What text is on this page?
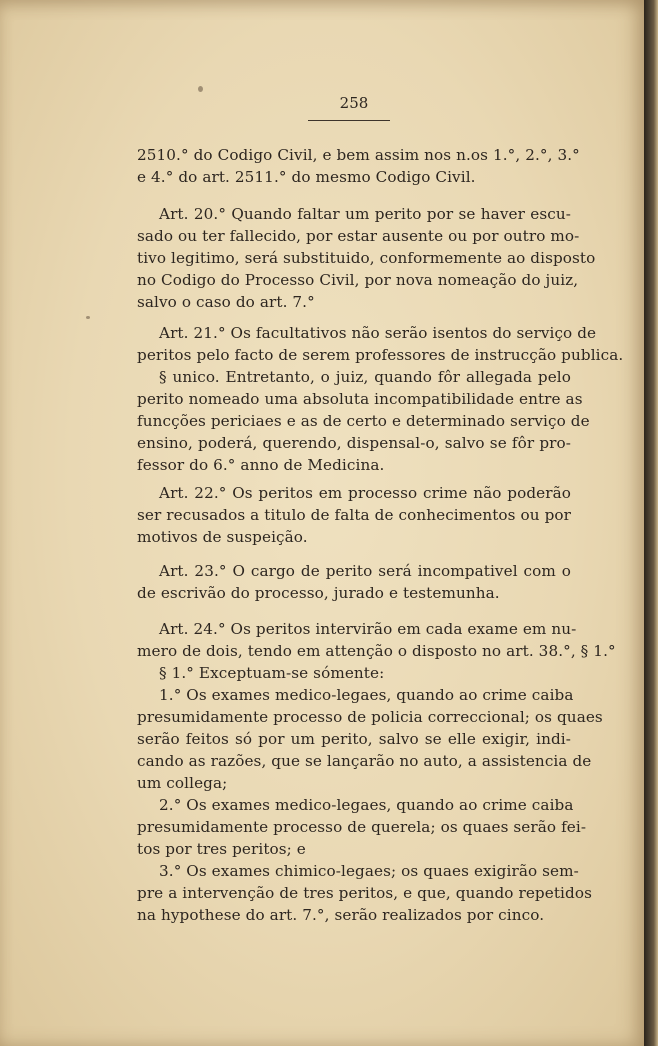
258
2510.° do Codigo Civil, e bem assim nos n.os 1.°, 2.°, 3.°
e 4.° do art. 2511.° do mesmo Codigo Civil.
Art. 20.° Quando faltar um perito por se haver escu-
sado ou ter fallecido, por estar ausente ou por outro mo-
tivo legitimo, será substituido, conformemente ao disposto
no Codigo do Processo Civil, por nova nomeação do juiz,
salvo o caso do art. 7.°
Art. 21.° Os facultativos não serão isentos do serviço de
peritos pelo facto de serem professores de instrucção publica.
§ unico. Entretanto, o juiz, quando fôr allegada pelo
perito nomeado uma absoluta incompatibilidade entre as
funcções periciaes e as de certo e determinado serviço de
ensino, poderá, querendo, dispensal-o, salvo se fôr pro-
fessor do 6.° anno de Medicina.
Art. 22.° Os peritos em processo crime não poderão
ser recusados a titulo de falta de conhecimentos ou por
motivos de suspeição.
Art. 23.° O cargo de perito será incompativel com o
de escrivão do processo, jurado e testemunha.
Art. 24.° Os peritos intervirão em cada exame em nu-
mero de dois, tendo em attenção o disposto no art. 38.°, § 1.°
§ 1.° Exceptuam-se sómente:
1.° Os exames medico-legaes, quando ao crime caiba
presumidamente processo de policia correccional; os quaes
serão feitos só por um perito, salvo se elle exigir, indi-
cando as razões, que se lançarão no auto, a assistencia de
um collega;
2.° Os exames medico-legaes, quando ao crime caiba
presumidamente processo de querela; os quaes serão fei-
tos por tres peritos; e
3.° Os exames chimico-legaes; os quaes exigirão sem-
pre a intervenção de tres peritos, e que, quando repetidos
na hypothese do art. 7.°, serão realizados por cinco.
